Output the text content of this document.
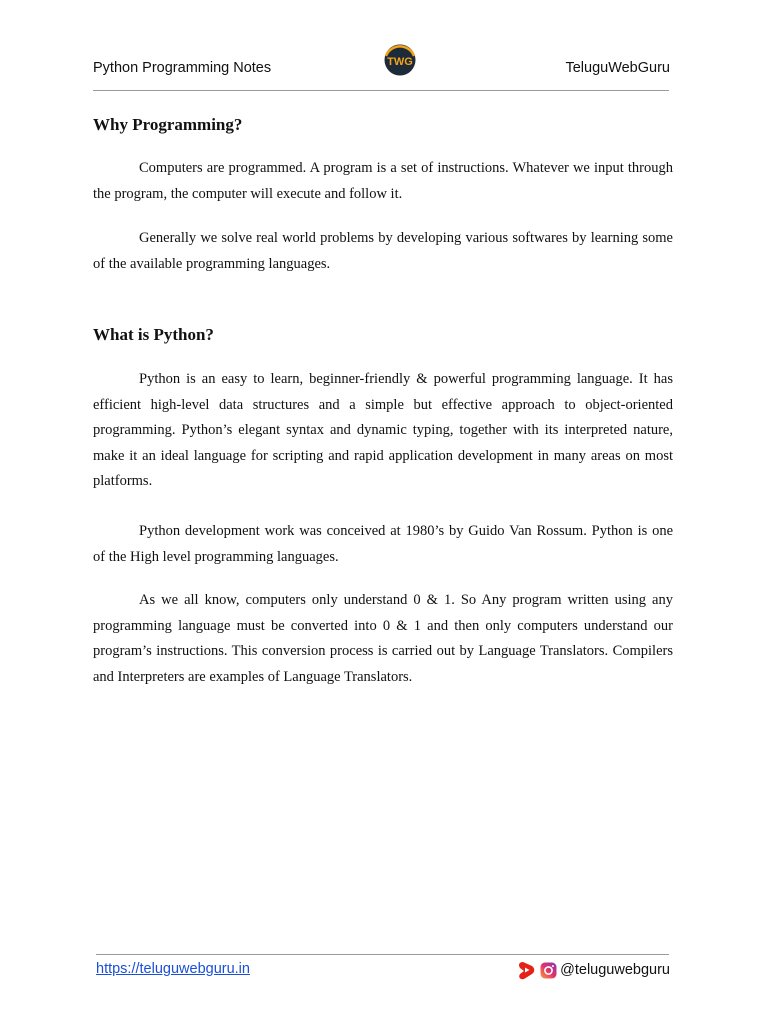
Python Programming Notes	TWG	TeluguWebGuru
Why Programming?

Computers are programmed. A program is a set of instructions. Whatever we input through the program, the computer will execute and follow it.

Generally we solve real world problems by developing various softwares by learning some of the available programming languages.

What is Python?

Python is an easy to learn, beginner-friendly & powerful programming language. It has efficient high-level data structures and a simple but effective approach to object-oriented programming. Python’s elegant syntax and dynamic typing, together with its interpreted nature, make it an ideal language for scripting and rapid application development in many areas on most platforms.

Python development work was conceived at 1980’s by Guido Van Rossum. Python is one of the High level programming languages.

As we all know, computers only understand 0 & 1. So Any program written using any programming language must be converted into 0 & 1 and then only computers understand our program’s instructions. This conversion process is carried out by Language Translators. Compilers and Interpreters are examples of Language Translators.

https://teluguwebguru.in	@teluguwebguru
